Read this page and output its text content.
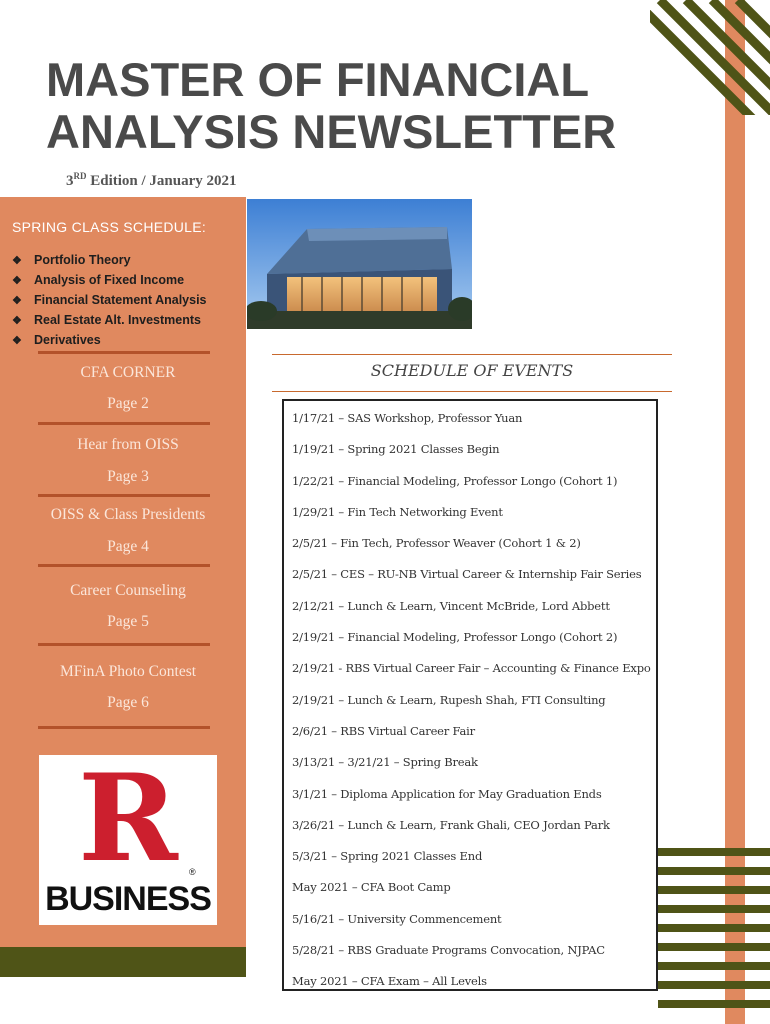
MASTER OF FINANCIAL ANALYSIS NEWSLETTER
3RD Edition / January 2021
SPRING CLASS SCHEDULE:
❖ Portfolio Theory
❖ Analysis of Fixed Income
❖ Financial Statement Analysis
❖ Real Estate Alt. Investments
❖ Derivatives
CFA CORNER
Page 2
Hear from OISS
Page 3
OISS & Class Presidents
Page 4
Career Counseling
Page 5
MFinA Photo Contest
Page 6
R	®
BUSINESS
SCHEDULE OF EVENTS
1/17/21 – SAS Workshop, Professor Yuan
1/19/21 – Spring 2021 Classes Begin
1/22/21 – Financial Modeling, Professor Longo (Cohort 1)
1/29/21 – Fin Tech Networking Event
2/5/21 – Fin Tech, Professor Weaver (Cohort 1 & 2)
2/5/21 – CES – RU-NB Virtual Career & Internship Fair Series
2/12/21 – Lunch & Learn, Vincent McBride, Lord Abbett
2/19/21 – Financial Modeling, Professor Longo (Cohort 2)
2/19/21 - RBS Virtual Career Fair – Accounting & Finance Expo
2/19/21 – Lunch & Learn, Rupesh Shah, FTI Consulting
2/6/21 – RBS Virtual Career Fair
3/13/21 – 3/21/21 – Spring Break
3/1/21 – Diploma Application for May Graduation Ends
3/26/21 – Lunch & Learn, Frank Ghali, CEO Jordan Park
5/3/21 – Spring 2021 Classes End
May 2021 – CFA Boot Camp
5/16/21 – University Commencement
5/28/21 – RBS Graduate Programs Convocation, NJPAC
May 2021 – CFA Exam – All Levels
